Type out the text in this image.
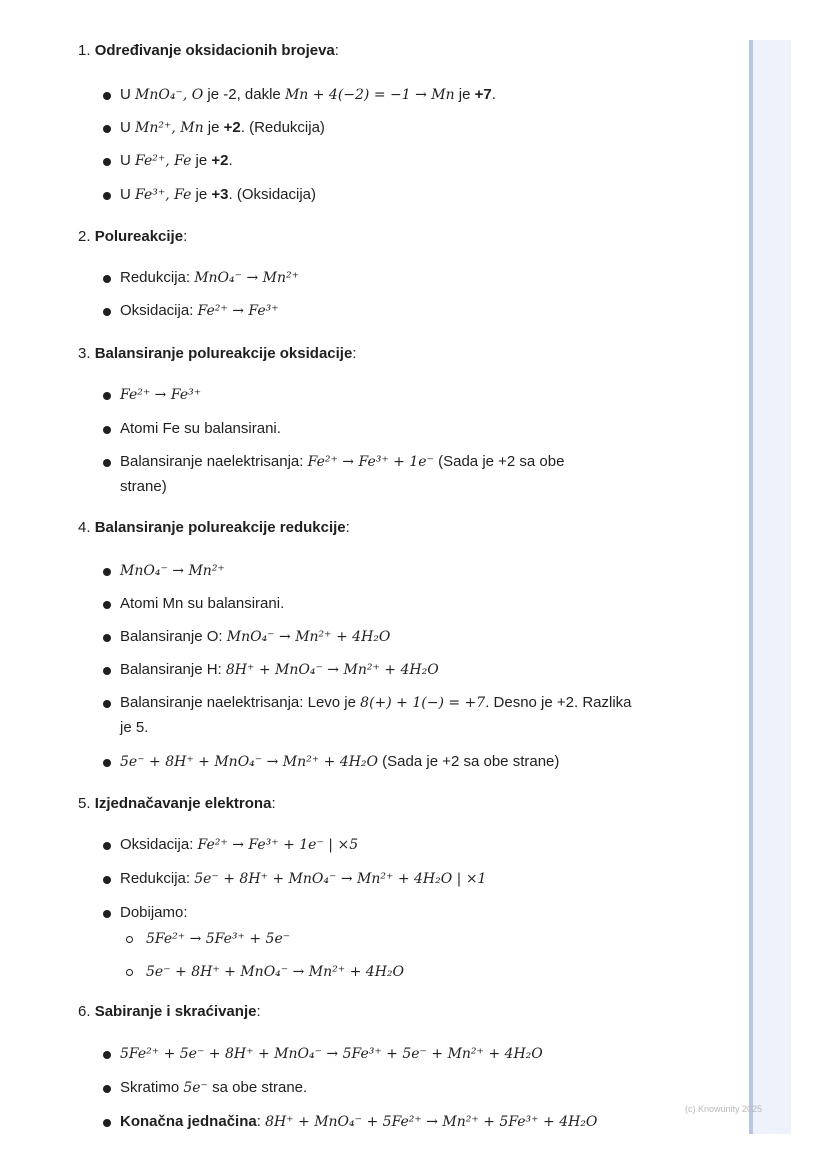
(c) Knowunity 2025
1. Određivanje oksidacionih brojeva:
U MnO₄⁻, O je -2, dakle Mn + 4(−2) = −1 → Mn je +7.
U Mn²⁺, Mn je +2. (Redukcija)
U Fe²⁺, Fe je +2.
U Fe³⁺, Fe je +3. (Oksidacija)
2. Polureakcije:
Redukcija: MnO₄⁻ → Mn²⁺
Oksidacija: Fe²⁺ → Fe³⁺
3. Balansiranje polureakcije oksidacije:
Fe²⁺ → Fe³⁺
Atomi Fe su balansirani.
Balansiranje naelektrisanja: Fe²⁺ → Fe³⁺ + 1e⁻ (Sada je +2 sa obe
strane)
4. Balansiranje polureakcije redukcije:
MnO₄⁻ → Mn²⁺
Atomi Mn su balansirani.
Balansiranje O: MnO₄⁻ → Mn²⁺ + 4H₂O
Balansiranje H: 8H⁺ + MnO₄⁻ → Mn²⁺ + 4H₂O
Balansiranje naelektrisanja: Levo je 8(+) + 1(−) = +7. Desno je +2. Razlika
je 5.
5e⁻ + 8H⁺ + MnO₄⁻ → Mn²⁺ + 4H₂O (Sada je +2 sa obe strane)
5. Izjednačavanje elektrona:
Oksidacija: Fe²⁺ → Fe³⁺ + 1e⁻ | ×5
Redukcija: 5e⁻ + 8H⁺ + MnO₄⁻ → Mn²⁺ + 4H₂O | ×1
Dobijamo:
5Fe²⁺ → 5Fe³⁺ + 5e⁻
5e⁻ + 8H⁺ + MnO₄⁻ → Mn²⁺ + 4H₂O
6. Sabiranje i skraćivanje:
5Fe²⁺ + 5e⁻ + 8H⁺ + MnO₄⁻ → 5Fe³⁺ + 5e⁻ + Mn²⁺ + 4H₂O
Skratimo 5e⁻ sa obe strane.
Konačna jednačina: 8H⁺ + MnO₄⁻ + 5Fe²⁺ → Mn²⁺ + 5Fe³⁺ + 4H₂O
